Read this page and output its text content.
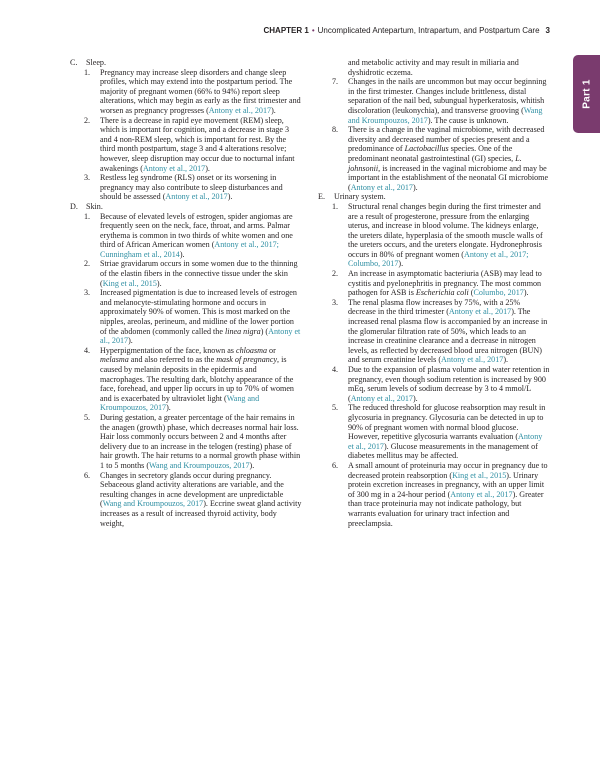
CHAPTER 1 • Uncomplicated Antepartum, Intrapartum, and Postpartum Care 3
Part 1
C. Sleep.
1. Pregnancy may increase sleep disorders and change sleep profiles, which may extend into the postpartum period. The majority of pregnant women (66% to 94%) report sleep alterations, which may begin as early as the first trimester and worsen as pregnancy progresses (Antony et al., 2017).
2. There is a decrease in rapid eye movement (REM) sleep, which is important for cognition, and a decrease in stage 3 and 4 non-REM sleep, which is important for rest. By the third month postpartum, stage 3 and 4 alterations resolve; however, sleep disruption may occur due to nocturnal infant awakenings (Antony et al., 2017).
3. Restless leg syndrome (RLS) onset or its worsening in pregnancy may also contribute to sleep disturbances and should be assessed (Antony et al., 2017).
D. Skin.
1. Because of elevated levels of estrogen, spider angiomas are frequently seen on the neck, face, throat, and arms. Palmar erythema is common in two thirds of white women and one third of African American women (Antony et al., 2017; Cunningham et al., 2014).
2. Striae gravidarum occurs in some women due to the thinning of the elastin fibers in the connective tissue under the skin (King et al., 2015).
3. Increased pigmentation is due to increased levels of estrogen and melanocyte-stimulating hormone and occurs in approximately 90% of women. This is most marked on the nipples, areolas, perineum, and midline of the lower portion of the abdomen (commonly called the linea nigra) (Antony et al., 2017).
4. Hyperpigmentation of the face, known as chloasma or melasma and also referred to as the mask of pregnancy, is caused by melanin deposits in the epidermis and macrophages. The resulting dark, blotchy appearance of the face, forehead, and upper lip occurs in up to 70% of women and is exacerbated by ultraviolet light (Wang and Kroumpouzos, 2017).
5. During gestation, a greater percentage of the hair remains in the anagen (growth) phase, which decreases normal hair loss. Hair loss commonly occurs between 2 and 4 months after delivery due to an increase in the telogen (resting) phase of hair growth. The hair returns to a normal growth phase within 1 to 5 months (Wang and Kroumpouzos, 2017).
6. Changes in secretory glands occur during pregnancy. Sebaceous gland activity alterations are variable, and the resulting changes in acne development are unpredictable (Wang and Kroumpouzos, 2017). Eccrine sweat gland activity increases as a result of increased thyroid activity, body weight,
and metabolic activity and may result in miliaria and dyshidrotic eczema.
7. Changes in the nails are uncommon but may occur beginning in the first trimester. Changes include brittleness, distal separation of the nail bed, subungual hyperkeratosis, whitish discoloration (leukonychia), and transverse grooving (Wang and Kroumpouzos, 2017). The cause is unknown.
8. There is a change in the vaginal microbiome, with decreased diversity and decreased number of species present and a predominance of Lactobacillus species. One of the predominant neonatal gastrointestinal (GI) species, L. johnsonii, is increased in the vaginal microbiome and may be important in the establishment of the neonatal GI microbiome (Antony et al., 2017).
E. Urinary system.
1. Structural renal changes begin during the first trimester and are a result of progesterone, pressure from the enlarging uterus, and increase in blood volume. The kidneys enlarge, the ureters dilate, hyperplasia of the smooth muscle walls of the ureters occurs, and the ureters elongate. Hydronephrosis occurs in 80% of pregnant women (Antony et al., 2017; Columbo, 2017).
2. An increase in asymptomatic bacteriuria (ASB) may lead to cystitis and pyelonephritis in pregnancy. The most common pathogen for ASB is Escherichia coli (Columbo, 2017).
3. The renal plasma flow increases by 75%, with a 25% decrease in the third trimester (Antony et al., 2017). The increased renal plasma flow is accompanied by an increase in the glomerular filtration rate of 50%, which leads to an increase in creatinine clearance and a decrease in nitrogen levels, as reflected by decreased blood urea nitrogen (BUN) and serum creatinine levels (Antony et al., 2017).
4. Due to the expansion of plasma volume and water retention in pregnancy, even though sodium retention is increased by 900 mEq, serum levels of sodium decrease by 3 to 4 mmol/L (Antony et al., 2017).
5. The reduced threshold for glucose reabsorption may result in glycosuria in pregnancy. Glycosuria can be detected in up to 90% of pregnant women with normal blood glucose. However, repetitive glycosuria warrants evaluation (Antony et al., 2017). Glucose measurements in the management of diabetes mellitus may be affected.
6. A small amount of proteinuria may occur in pregnancy due to decreased protein reabsorption (King et al., 2015). Urinary protein excretion increases in pregnancy, with an upper limit of 300 mg in a 24-hour period (Antony et al., 2017). Greater than trace proteinuria may not indicate pathology, but warrants evaluation for urinary tract infection and preeclampsia.
